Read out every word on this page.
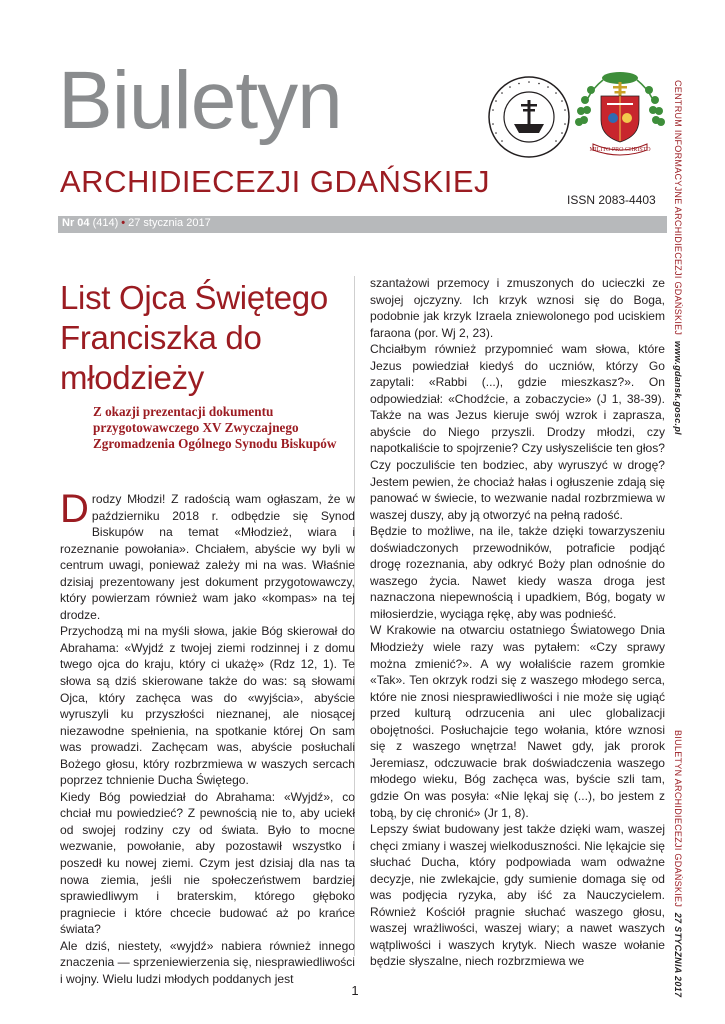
Biuletyn
ARCHIDIECEZJI GDAŃSKIEJ
ISSN 2083-4403
MILITO PRO CHRISTO
Nr 04 (414) • 27 stycznia 2017	CENTRUM INFORMACYJNE ARCHIDIECEZJI GDAŃSKIEJ  www.gdansk.gosc.pl
BIULETYN ARCHIDIECEZJI GDAŃSKIEJ  27 STYCZNIA 2017
List Ojca Świętego Franciszka do młodzieży
Z okazji prezentacji dokumentu przygotowawczego XV Zwyczajnego Zgromadzenia Ogólnego Synodu Biskupów

Drodzy Młodzi! Z radością wam ogłaszam, że w październiku 2018 r. odbędzie się Synod Biskupów na temat «Młodzież, wiara i rozeznanie powołania». Chciałem, abyście wy byli w centrum uwagi, ponieważ zależy mi na was. Właśnie dzisiaj prezentowany jest dokument przygotowawczy, który powierzam również wam jako «kompas» na tej drodze.

Przychodzą mi na myśli słowa, jakie Bóg skierował do Abrahama: «Wyjdź z twojej ziemi rodzinnej i z domu twego ojca do kraju, który ci ukażę» (Rdz 12, 1). Te słowa są dziś skierowane także do was: są słowami Ojca, który zachęca was do «wyjścia», abyście wyruszyli ku przyszłości nieznanej, ale niosącej niezawodne spełnienia, na spotkanie której On sam was prowadzi. Zachęcam was, abyście posłuchali Bożego głosu, który rozbrzmiewa w waszych sercach poprzez tchnienie Ducha Świętego.

Kiedy Bóg powiedział do Abrahama: «Wyjdź», co chciał mu powiedzieć? Z pewnością nie to, aby uciekł od swojej rodziny czy od świata. Było to mocne wezwanie, powołanie, aby pozostawił wszystko i poszedł ku nowej ziemi. Czym jest dzisiaj dla nas ta nowa ziemia, jeśli nie społeczeństwem bardziej sprawiedliwym i braterskim, którego głęboko pragniecie i które chcecie budować aż po krańce świata?

Ale dziś, niestety, «wyjdź» nabiera również innego znaczenia — sprzeniewierzenia się, niesprawiedliwości i wojny. Wielu ludzi młodych poddanych jest

szantażowi przemocy i zmuszonych do ucieczki ze swojej ojczyzny. Ich krzyk wznosi się do Boga, podobnie jak krzyk Izraela zniewolonego pod uciskiem faraona (por. Wj 2, 23).

Chciałbym również przypomnieć wam słowa, które Jezus powiedział kiedyś do uczniów, którzy Go zapytali: «Rabbi (...), gdzie mieszkasz?». On odpowiedział: «Chodźcie, a zobaczycie» (J 1, 38-39). Także na was Jezus kieruje swój wzrok i zaprasza, abyście do Niego przyszli. Drodzy młodzi, czy napotkaliście to spojrzenie? Czy usłyszeliście ten głos? Czy poczuliście ten bodziec, aby wyruszyć w drogę? Jestem pewien, że chociaż hałas i ogłuszenie zdają się panować w świecie, to wezwanie nadal rozbrzmiewa w waszej duszy, aby ją otworzyć na pełną radość.

Będzie to możliwe, na ile, także dzięki towarzyszeniu doświadczonych przewodników, potraficie podjąć drogę rozeznania, aby odkryć Boży plan odnośnie do waszego życia. Nawet kiedy wasza droga jest naznaczona niepewnością i upadkiem, Bóg, bogaty w miłosierdzie, wyciąga rękę, aby was podnieść.

W Krakowie na otwarciu ostatniego Światowego Dnia Młodzieży wiele razy was pytałem: «Czy sprawy można zmienić?». A wy wołaliście razem gromkie «Tak». Ten okrzyk rodzi się z waszego młodego serca, które nie znosi niesprawiedliwości i nie może się ugiąć przed kulturą odrzucenia ani ulec globalizacji obojętności. Posłuchajcie tego wołania, które wznosi się z waszego wnętrza! Nawet gdy, jak prorok Jeremiasz, odczuwacie brak doświadczenia waszego młodego wieku, Bóg zachęca was, byście szli tam, gdzie On was posyła: «Nie lękaj się (...), bo jestem z tobą, by cię chronić» (Jr 1, 8).

Lepszy świat budowany jest także dzięki wam, waszej chęci zmiany i waszej wielkoduszności. Nie lękajcie się słuchać Ducha, który podpowiada wam odważne decyzje, nie zwlekajcie, gdy sumienie domaga się od was podjęcia ryzyka, aby iść za Nauczycielem. Również Kościół pragnie słuchać waszego głosu, waszej wrażliwości, waszej wiary; a nawet waszych wątpliwości i waszych krytyk. Niech wasze wołanie będzie słyszalne, niech rozbrzmiewa we

1
